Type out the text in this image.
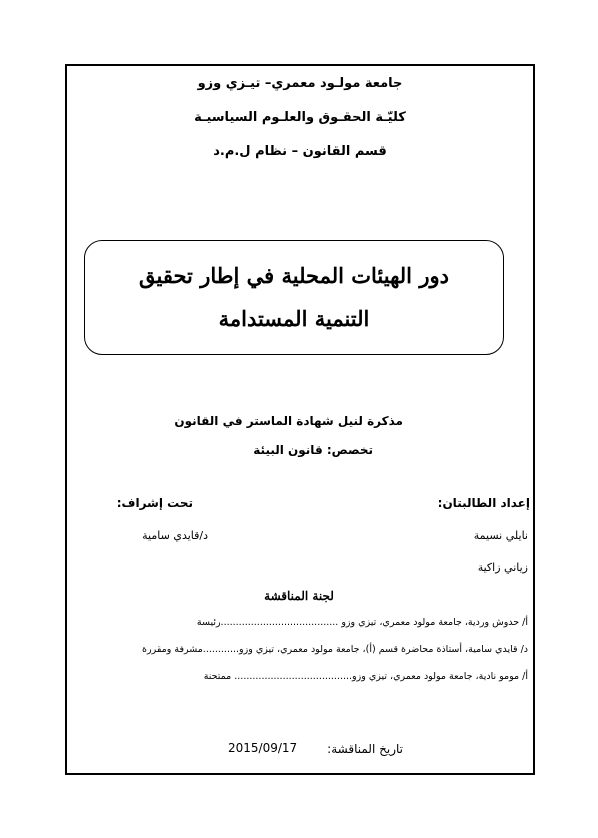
جامعة مولـود معمري– تيـزي وزو
كليّـة الحقـوق والعلـوم السياسيـة
قسم القانون – نظام ل.م.د
دور الهيئات المحلية في إطار تحقيق
التنمية المستدامة
مذكرة لنيل شهادة الماستر في القانون
تخصص: قانون البيئة
إعداد الطالبتان:
نايلي نسيمة
زياني زاكية
تحت إشراف:
د/قايدي سامية
لجنة المناقشة
أ/ حدوش وردية، جامعة مولود معمري، تيزي وزو .......................................رئيسة
د/ قايدي سامية، أستاذة محاضرة قسم (أ)، جامعة مولود معمري، تيزي وزو............مشرفة ومقررة
أ/ مومو نادية، جامعة مولود معمري، تيزي وزو....................................... ممتحنة
تاريخ المناقشة:
2015/09/17
